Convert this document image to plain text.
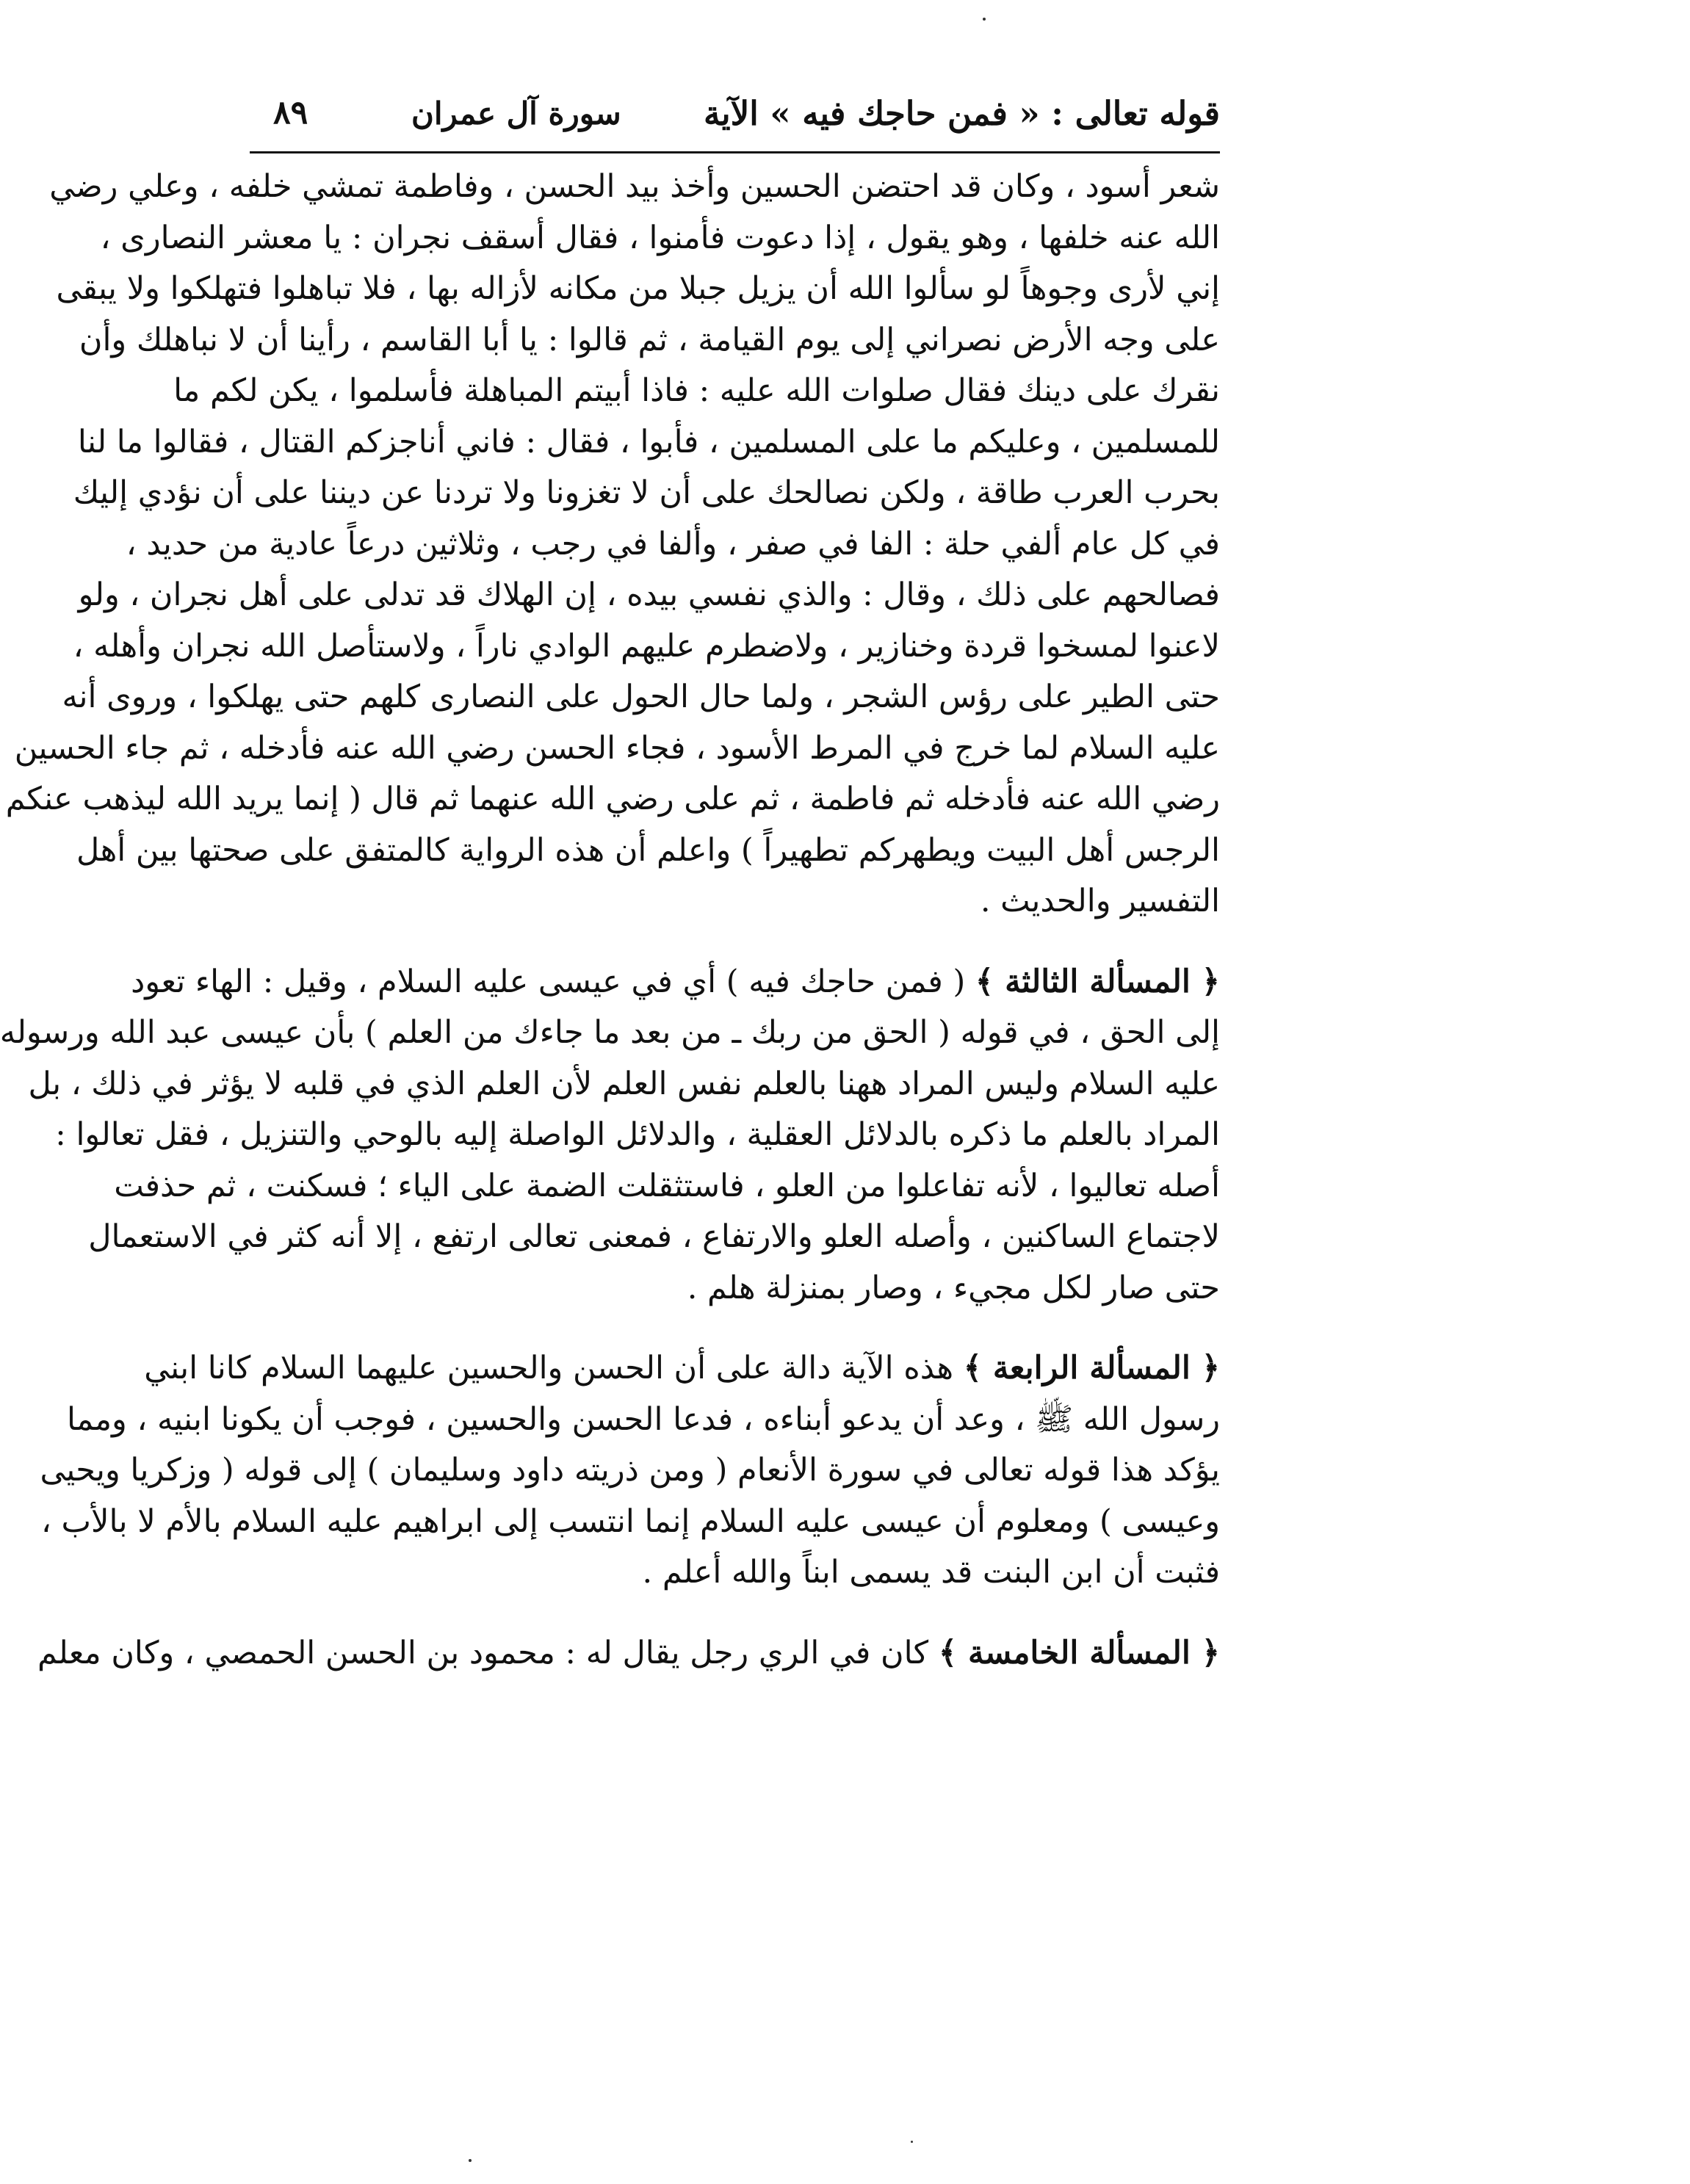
قوله تعالى : « فمن حاجك فيه » الآية
سورة آل عمران
٨٩

شعر أسود ، وكان قد احتضن الحسين وأخذ بيد الحسن ، وفاطمة تمشي خلفه ، وعلي رضي
الله عنه خلفها ، وهو يقول ، إذا دعوت فأمنوا ، فقال أسقف نجران : يا معشر النصارى ،
إني لأرى وجوهاً لو سألوا الله أن يزيل جبلا من مكانه لأزاله بها ، فلا تباهلوا فتهلكوا ولا يبقى
على وجه الأرض نصراني إلى يوم القيامة ، ثم قالوا : يا أبا القاسم ، رأينا أن لا نباهلك وأن
نقرك على دينك فقال صلوات الله عليه : فاذا أبيتم المباهلة فأسلموا ، يكن لكم ما
للمسلمين ، وعليكم ما على المسلمين ، فأبوا ، فقال : فاني أناجزكم القتال ، فقالوا ما لنا
بحرب العرب طاقة ، ولكن نصالحك على أن لا تغزونا ولا تردنا عن ديننا على أن نؤدي إليك
في كل عام ألفي حلة : الفا في صفر ، وألفا في رجب ، وثلاثين درعاً عادية من حديد ،
فصالحهم على ذلك ، وقال : والذي نفسي بيده ، إن الهلاك قد تدلى على أهل نجران ، ولو
لاعنوا لمسخوا قردة وخنازير ، ولاضطرم عليهم الوادي ناراً ، ولاستأصل الله نجران وأهله ،
حتى الطير على رؤس الشجر ، ولما حال الحول على النصارى كلهم حتى يهلكوا ، وروى أنه
عليه السلام لما خرج في المرط الأسود ، فجاء الحسن رضي الله عنه فأدخله ، ثم جاء الحسين
رضي الله عنه فأدخله ثم فاطمة ، ثم على رضي الله عنهما ثم قال ( إنما يريد الله ليذهب عنكم
الرجس أهل البيت ويطهركم تطهيراً ) واعلم أن هذه الرواية كالمتفق على صحتها بين أهل
التفسير والحديث .

﴿ المسألة الثالثة ﴾ ( فمن حاجك فيه ) أي في عيسى عليه السلام ، وقيل : الهاء تعود
إلى الحق ، في قوله ( الحق من ربك ـ من بعد ما جاءك من العلم ) بأن عيسى عبد الله ورسوله
عليه السلام وليس المراد ههنا بالعلم نفس العلم لأن العلم الذي في قلبه لا يؤثر في ذلك ، بل
المراد بالعلم ما ذكره بالدلائل العقلية ، والدلائل الواصلة إليه بالوحي والتنزيل ، فقل تعالوا :
أصله تعاليوا ، لأنه تفاعلوا من العلو ، فاستثقلت الضمة على الياء ؛ فسكنت ، ثم حذفت
لاجتماع الساكنين ، وأصله العلو والارتفاع ، فمعنى تعالى ارتفع ، إلا أنه كثر في الاستعمال
حتى صار لكل مجيء ، وصار بمنزلة هلم .

﴿ المسألة الرابعة ﴾ هذه الآية دالة على أن الحسن والحسين عليهما السلام كانا ابني
رسول الله ﷺ ، وعد أن يدعو أبناءه ، فدعا الحسن والحسين ، فوجب أن يكونا ابنيه ، ومما
يؤكد هذا قوله تعالى في سورة الأنعام ( ومن ذريته داود وسليمان ) إلى قوله ( وزكريا ويحيى
وعيسى ) ومعلوم أن عيسى عليه السلام إنما انتسب إلى ابراهيم عليه السلام بالأم لا بالأب ،
فثبت أن ابن البنت قد يسمى ابناً والله أعلم .

﴿ المسألة الخامسة ﴾ كان في الري رجل يقال له : محمود بن الحسن الحمصي ، وكان معلم
